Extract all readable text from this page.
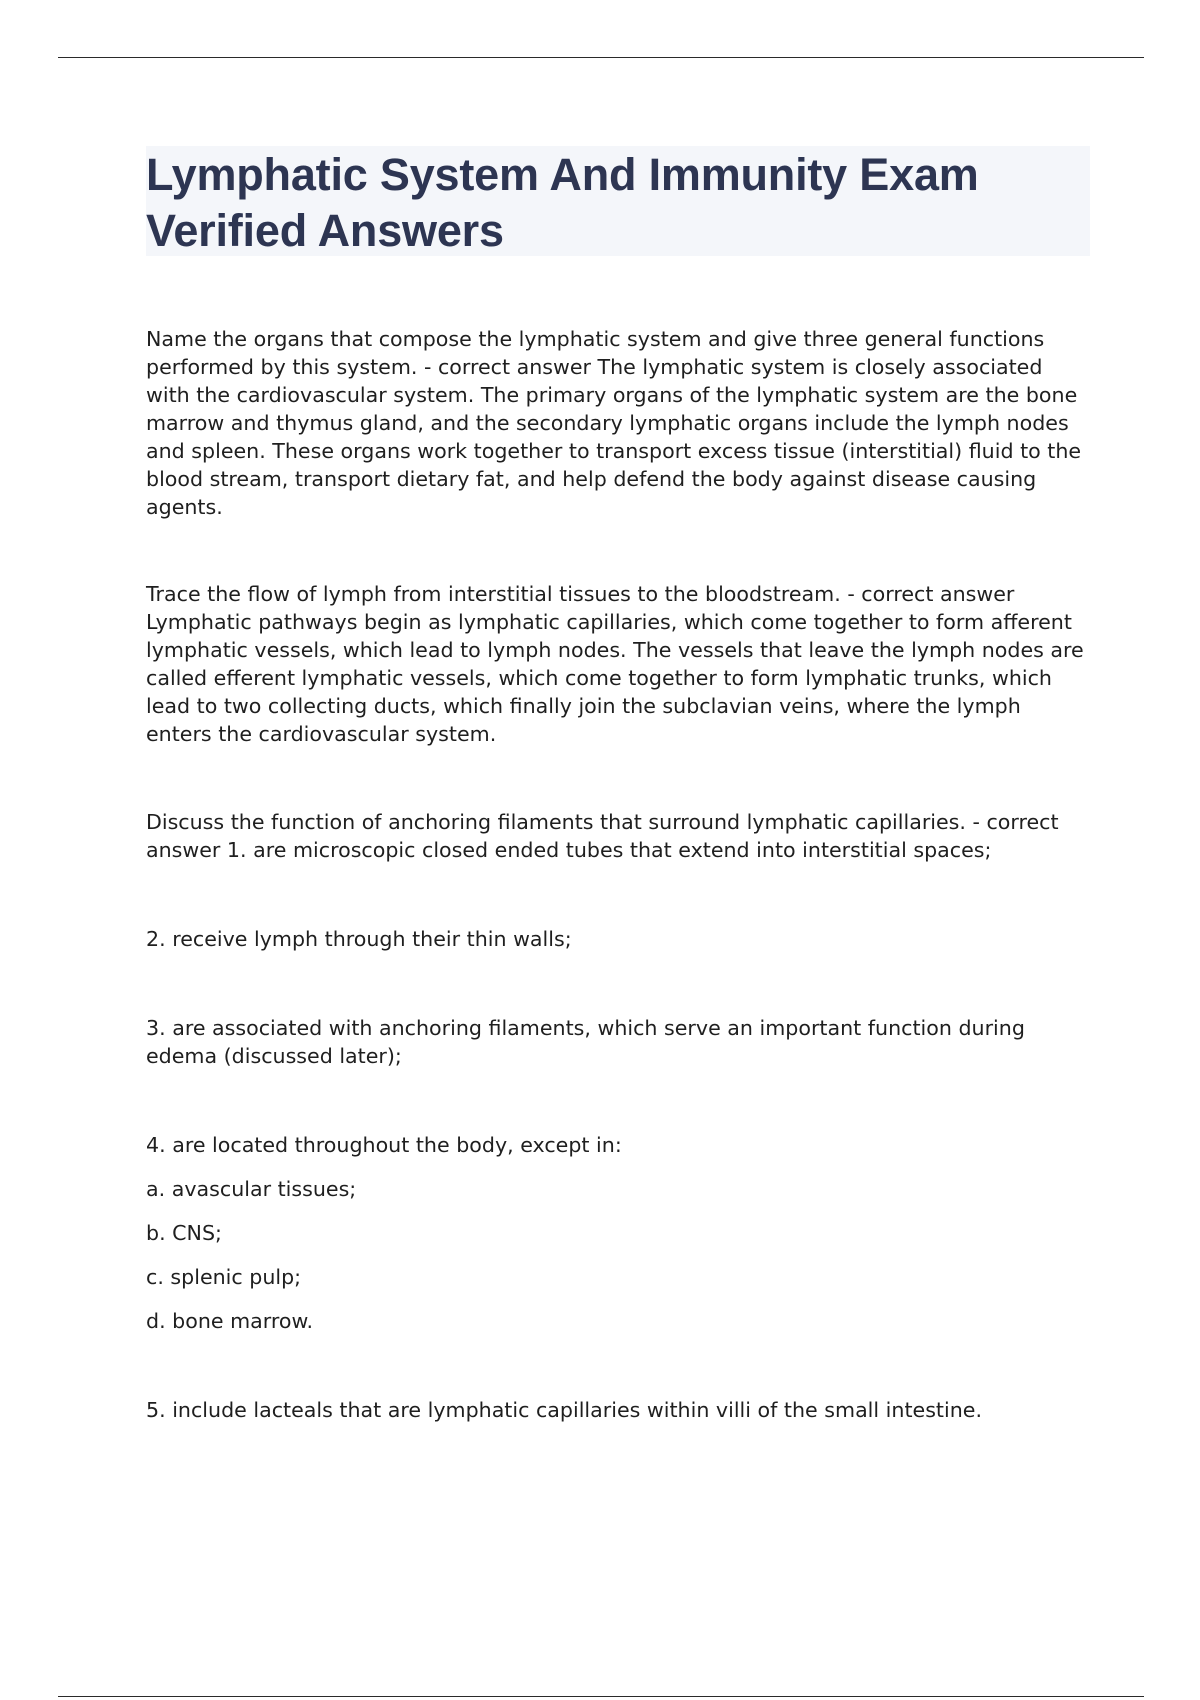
Lymphatic System And Immunity Exam Verified Answers

Name the organs that compose the lymphatic system and give three general functions performed by this system. - correct answer The lymphatic system is closely associated with the cardiovascular system. The primary organs of the lymphatic system are the bone marrow and thymus gland, and the secondary lymphatic organs include the lymph nodes and spleen. These organs work together to transport excess tissue (interstitial) fluid to the blood stream, transport dietary fat, and help defend the body against disease causing agents.

Trace the flow of lymph from interstitial tissues to the bloodstream. - correct answer Lymphatic pathways begin as lymphatic capillaries, which come together to form afferent lymphatic vessels, which lead to lymph nodes. The vessels that leave the lymph nodes are called efferent lymphatic vessels, which come together to form lymphatic trunks, which lead to two collecting ducts, which finally join the subclavian veins, where the lymph enters the cardiovascular system.

Discuss the function of anchoring filaments that surround lymphatic capillaries. - correct answer 1. are microscopic closed ended tubes that extend into interstitial spaces;

2. receive lymph through their thin walls;

3. are associated with anchoring filaments, which serve an important function during edema (discussed later);

4. are located throughout the body, except in:

a. avascular tissues;

b. CNS;

c. splenic pulp;

d. bone marrow.

5. include lacteals that are lymphatic capillaries within villi of the small intestine.
